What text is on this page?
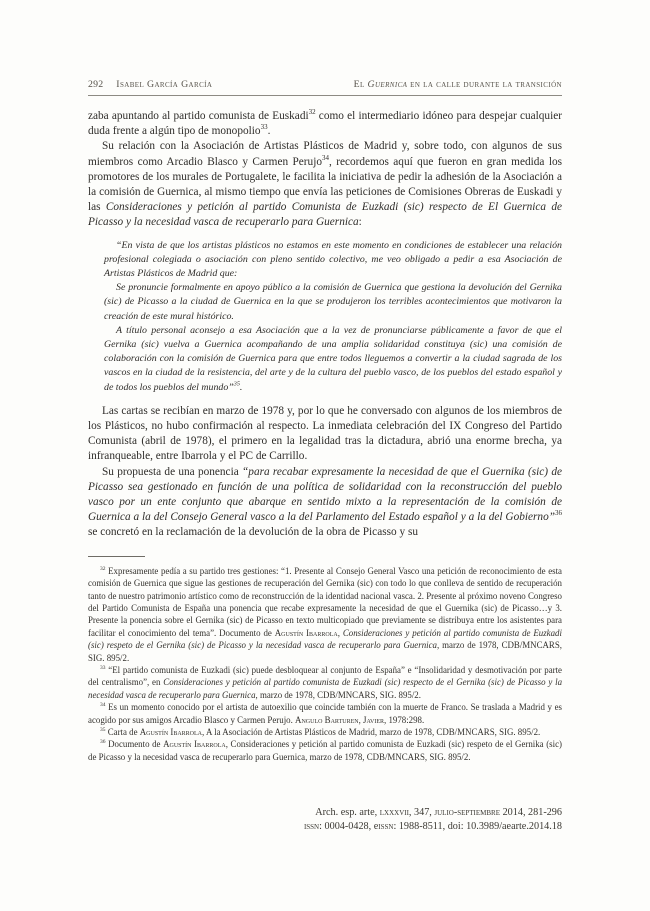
292 Isabel García García	El Guernica en la calle durante la transición

zaba apuntando al partido comunista de Euskadi$^{32}$ como el intermediario idóneo para despejar cualquier duda frente a algún tipo de monopolio$^{33}$.

Su relación con la Asociación de Artistas Plásticos de Madrid y, sobre todo, con algunos de sus miembros como Arcadio Blasco y Carmen Perujo$^{34}$, recordemos aquí que fueron en gran medida los promotores de los murales de Portugalete, le facilita la iniciativa de pedir la adhesión de la Asociación a la comisión de Guernica, al mismo tiempo que envía las peticiones de Comisiones Obreras de Euskadi y las Consideraciones y petición al partido Comunista de Euzkadi (sic) respecto de El Guernica de Picasso y la necesidad vasca de recuperarlo para Guernica:

“En vista de que los artistas plásticos no estamos en este momento en condiciones de establecer una relación profesional colegiada o asociación con pleno sentido colectivo, me veo obligado a pedir a esa Asociación de Artistas Plásticos de Madrid que:

Se pronuncie formalmente en apoyo público a la comisión de Guernica que gestiona la devolución del Gernika (sic) de Picasso a la ciudad de Guernica en la que se produjeron los terribles acontecimientos que motivaron la creación de este mural histórico.

A título personal aconsejo a esa Asociación que a la vez de pronunciarse públicamente a favor de que el Gernika (sic) vuelva a Guernica acompañando de una amplia solidaridad constituya (sic) una comisión de colaboración con la comisión de Guernica para que entre todos lleguemos a convertir a la ciudad sagrada de los vascos en la ciudad de la resistencia, del arte y de la cultura del pueblo vasco, de los pueblos del estado español y de todos los pueblos del mundo”$^{35}$.

Las cartas se recibían en marzo de 1978 y, por lo que he conversado con algunos de los miembros de los Plásticos, no hubo confirmación al respecto. La inmediata celebración del IX Congreso del Partido Comunista (abril de 1978), el primero en la legalidad tras la dictadura, abrió una enorme brecha, ya infranqueable, entre Ibarrola y el PC de Carrillo.

Su propuesta de una ponencia “para recabar expresamente la necesidad de que el Guernika (sic) de Picasso sea gestionado en función de una política de solidaridad con la reconstrucción del pueblo vasco por un ente conjunto que abarque en sentido mixto a la representación de la comisión de Guernica a la del Consejo General vasco a la del Parlamento del Estado español y a la del Gobierno”$^{36}$ se concretó en la reclamación de la devolución de la obra de Picasso y su

$^{32}$ Expresamente pedía a su partido tres gestiones: “1. Presente al Consejo General Vasco una petición de reconocimiento de esta comisión de Guernica que sigue las gestiones de recuperación del Gernika (sic) con todo lo que conlleva de sentido de recuperación tanto de nuestro patrimonio artístico como de reconstrucción de la identidad nacional vasca. 2. Presente al próximo noveno Congreso del Partido Comunista de España una ponencia que recabe expresamente la necesidad de que el Guernika (sic) de Picasso…y 3. Presente la ponencia sobre el Gernika (sic) de Picasso en texto multicopiado que previamente se distribuya entre los asistentes para facilitar el conocimiento del tema”. Documento de Agustín Ibarrola, Consideraciones y petición al partido comunista de Euzkadi (sic) respeto de el Gernika (sic) de Picasso y la necesidad vasca de recuperarlo para Guernica, marzo de 1978, CDB/MNCARS, SIG. 895/2.

$^{33}$ “El partido comunista de Euzkadi (sic) puede desbloquear al conjunto de España” e “Insolidaridad y desmotivación por parte del centralismo”, en Consideraciones y petición al partido comunista de Euzkadi (sic) respecto de el Gernika (sic) de Picasso y la necesidad vasca de recuperarlo para Guernica, marzo de 1978, CDB/MNCARS, SIG. 895/2.

$^{34}$ Es un momento conocido por el artista de autoexilio que coincide también con la muerte de Franco. Se traslada a Madrid y es acogido por sus amigos Arcadio Blasco y Carmen Perujo. Angulo Barturen, Javier, 1978:298.

$^{35}$ Carta de Agustín Ibarrola, A la Asociación de Artistas Plásticos de Madrid, marzo de 1978, CDB/MNCARS, SIG. 895/2.

$^{36}$ Documento de Agustín Ibarrola, Consideraciones y petición al partido comunista de Euzkadi (sic) respeto de el Gernika (sic) de Picasso y la necesidad vasca de recuperarlo para Guernica, marzo de 1978, CDB/MNCARS, SIG. 895/2.

Arch. esp. arte, lxxxvii, 347, julio-septiembre 2014, 281-296
issn: 0004-0428, eissn: 1988-8511, doi: 10.3989/aearte.2014.18
